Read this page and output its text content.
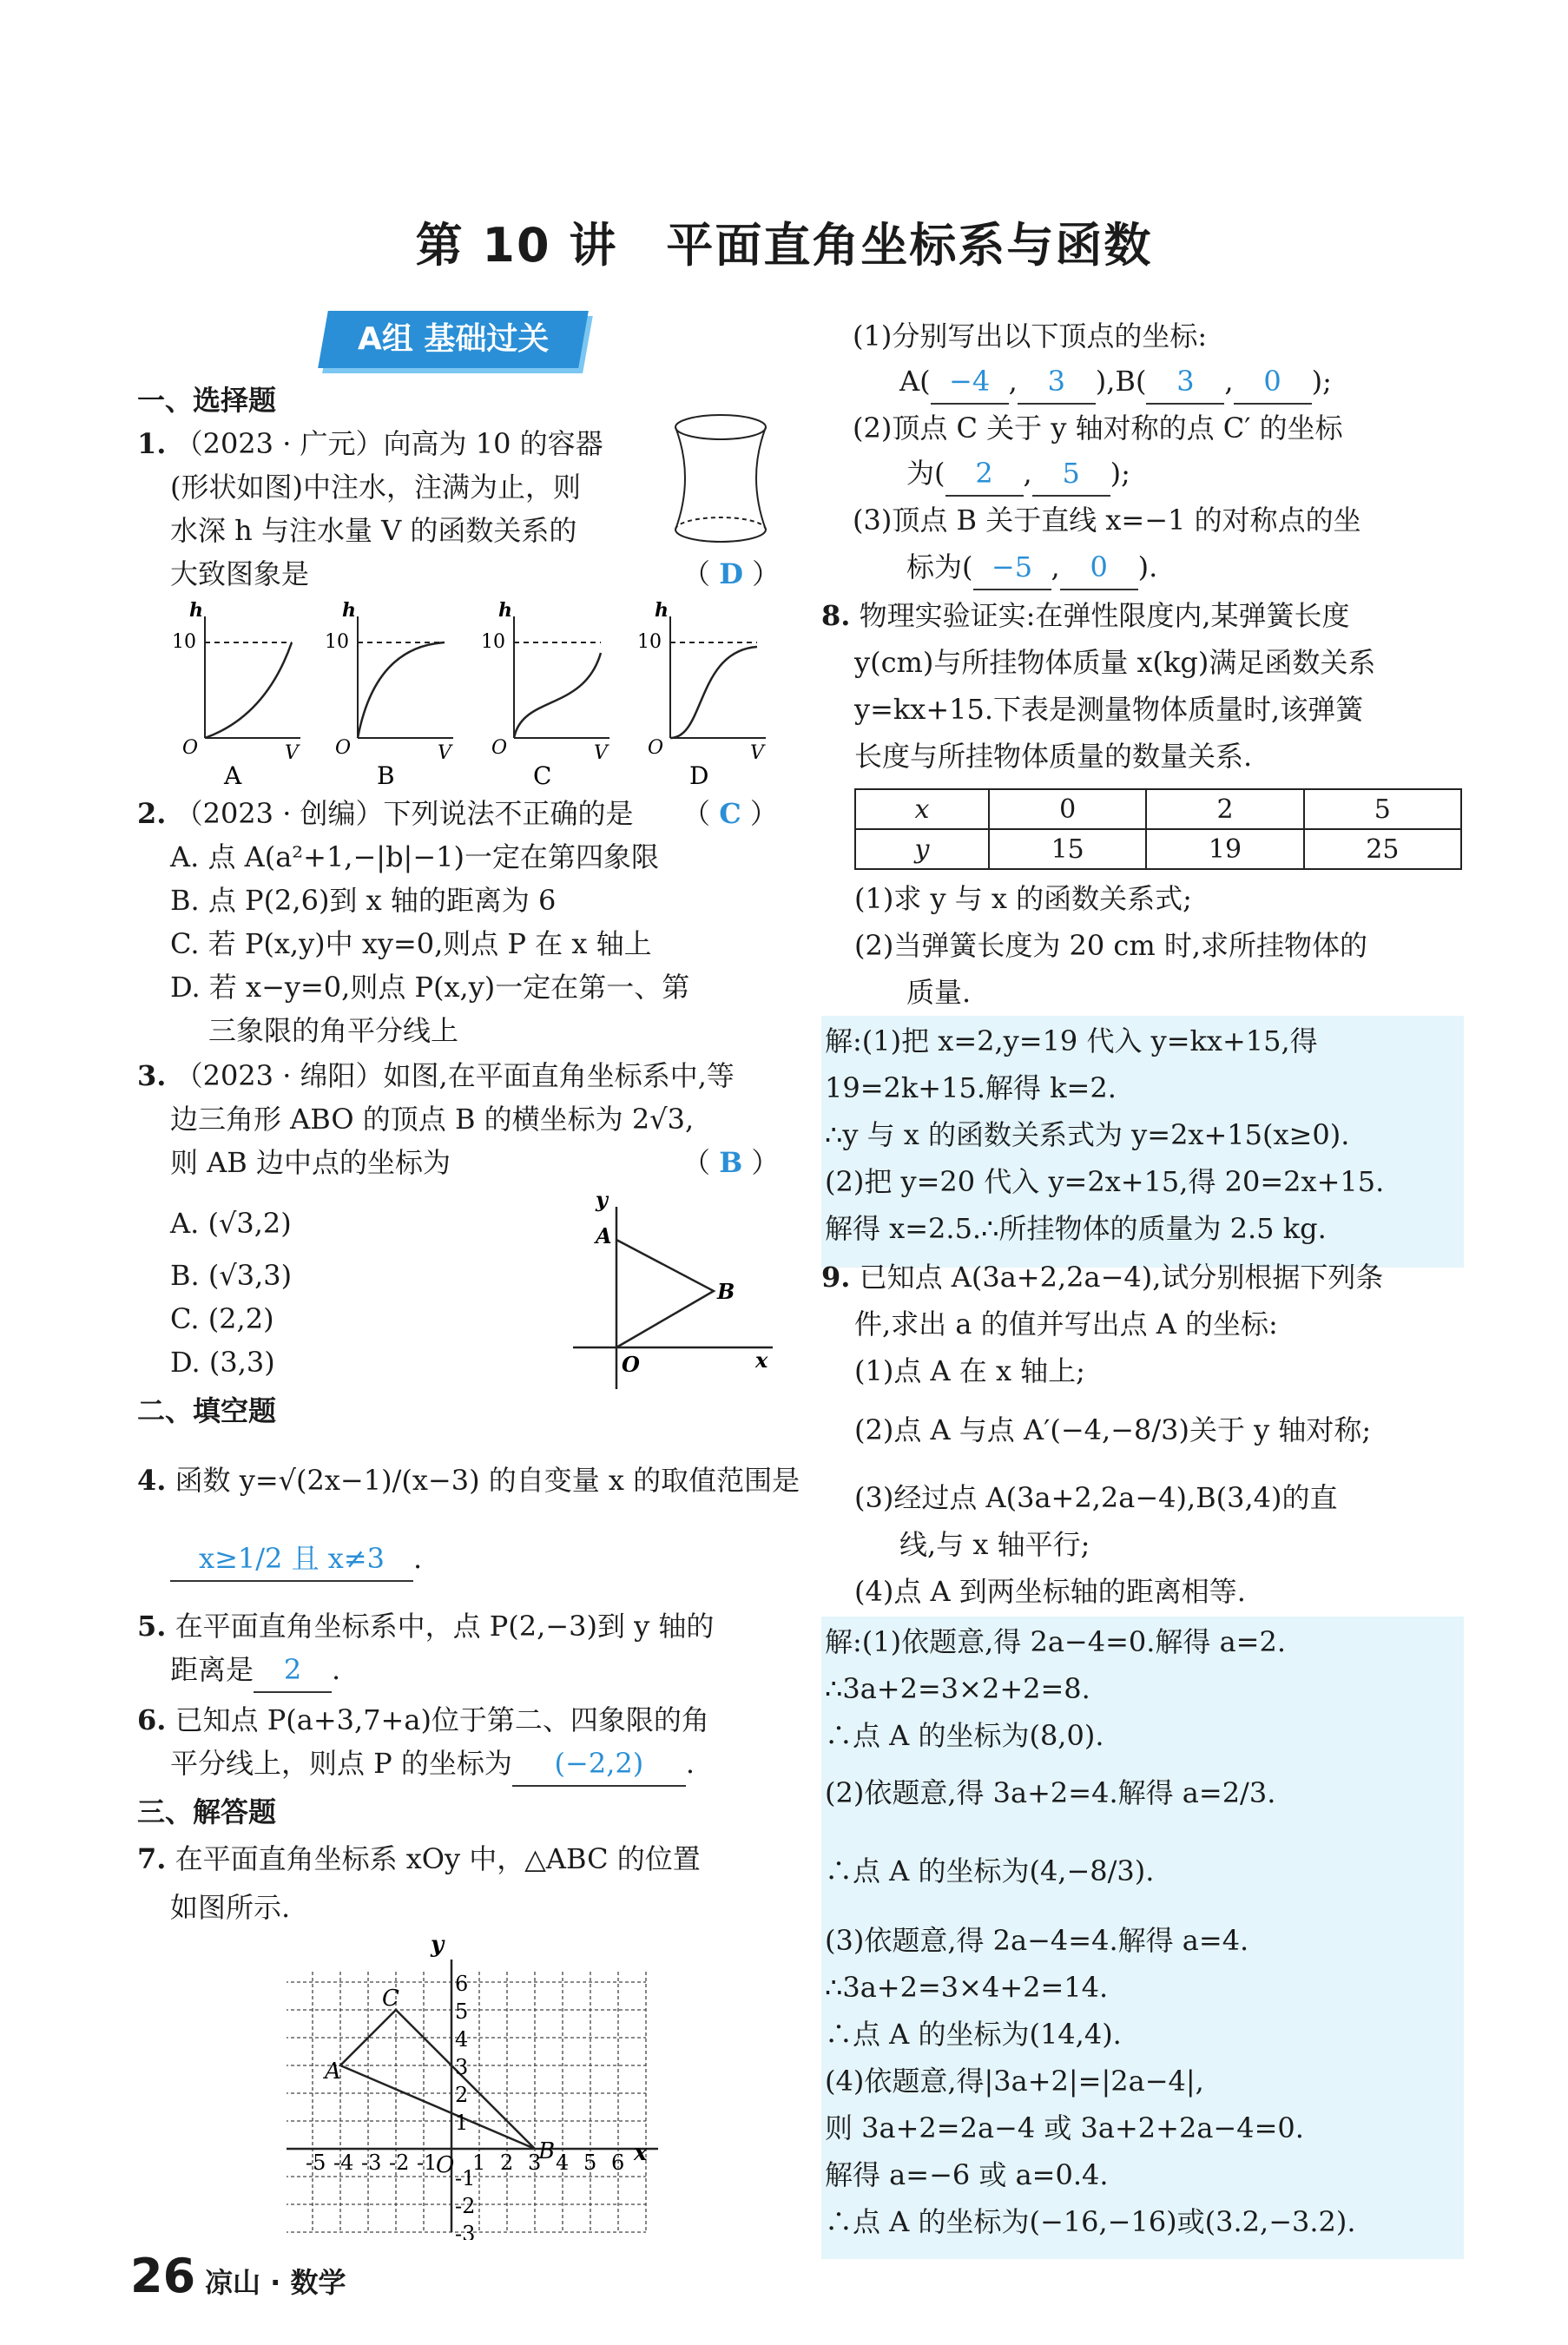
第 10 讲　平面直角坐标系与函数
A组 基础过关
一、选择题
1. （2023 · 广元）向高为 10 的容器
(形状如图)中注水，注满为止，则
水深 h 与注水量 V 的函数关系的
大致图象是	（ D ）
h
10
O	V
A
h
10
O	V
B
h
10
O	V
C
h
10
O	V
D
2. （2023 · 创编）下列说法不正确的是 （ C ）
A. 点 A(a²+1,−|b|−1)一定在第四象限
B. 点 P(2,6)到 x 轴的距离为 6
C. 若 P(x,y)中 xy=0,则点 P 在 x 轴上
D. 若 x−y=0,则点 P(x,y)一定在第一、第
三象限的角平分线上
3. （2023 · 绵阳）如图,在平面直角坐标系中,等
边三角形 ABO 的顶点 B 的横坐标为 2√3,
则 AB 边中点的坐标为	（ B ）
A. (√3,2)
B. (√3,3)
C. (2,2)
D. (3,3)
y
x
A
B
O
二、填空题
4. 函数 y=√(2x−1)/(x−3) 的自变量 x 的取值范围是
x≥1/2 且 x≠3 .
5. 在平面直角坐标系中，点 P(2,−3)到 y 轴的
距离是 2 .
6. 已知点 P(a+3,7+a)位于第二、四象限的角
平分线上，则点 P 的坐标为 (−2,2) .
三、解答题
7. 在平面直角坐标系 xOy 中，△ABC 的位置
如图所示.
-5 -4 -3 -2 -1 1 2 3 4 5 6
6
5
4
3
2
1
-1
-2
-3
y
x
O
A
B
C
(1)分别写出以下顶点的坐标:
A( −4 , 3 ),B( 3 , 0 );
(2)顶点 C 关于 y 轴对称的点 C′ 的坐标
为( 2 , 5 );
(3)顶点 B 关于直线 x=−1 的对称点的坐
标为( −5 , 0 ).
8. 物理实验证实:在弹性限度内,某弹簧长度
y(cm)与所挂物体质量 x(kg)满足函数关系
y=kx+15.下表是测量物体质量时,该弹簧
长度与所挂物体质量的数量关系.
x	0	2	5
y	15	19	25
(1)求 y 与 x 的函数关系式;
(2)当弹簧长度为 20 cm 时,求所挂物体的
质量.
解:(1)把 x=2,y=19 代入 y=kx+15,得
19=2k+15.解得 k=2.
∴y 与 x 的函数关系式为 y=2x+15(x≥0).
(2)把 y=20 代入 y=2x+15,得 20=2x+15.
解得 x=2.5.∴所挂物体的质量为 2.5 kg.
9. 已知点 A(3a+2,2a−4),试分别根据下列条
件,求出 a 的值并写出点 A 的坐标:
(1)点 A 在 x 轴上;
(2)点 A 与点 A′(−4,−8/3)关于 y 轴对称;
(3)经过点 A(3a+2,2a−4),B(3,4)的直
线,与 x 轴平行;
(4)点 A 到两坐标轴的距离相等.
解:(1)依题意,得 2a−4=0.解得 a=2.
∴3a+2=3×2+2=8.
∴点 A 的坐标为(8,0).
(2)依题意,得 3a+2=4.解得 a=2/3.
∴点 A 的坐标为(4,−8/3).
(3)依题意,得 2a−4=4.解得 a=4.
∴3a+2=3×4+2=14.
∴点 A 的坐标为(14,4).
(4)依题意,得|3a+2|=|2a−4|,
则 3a+2=2a−4 或 3a+2+2a−4=0.
解得 a=−6 或 a=0.4.
∴点 A 的坐标为(−16,−16)或(3.2,−3.2).
26 凉山 · 数学
